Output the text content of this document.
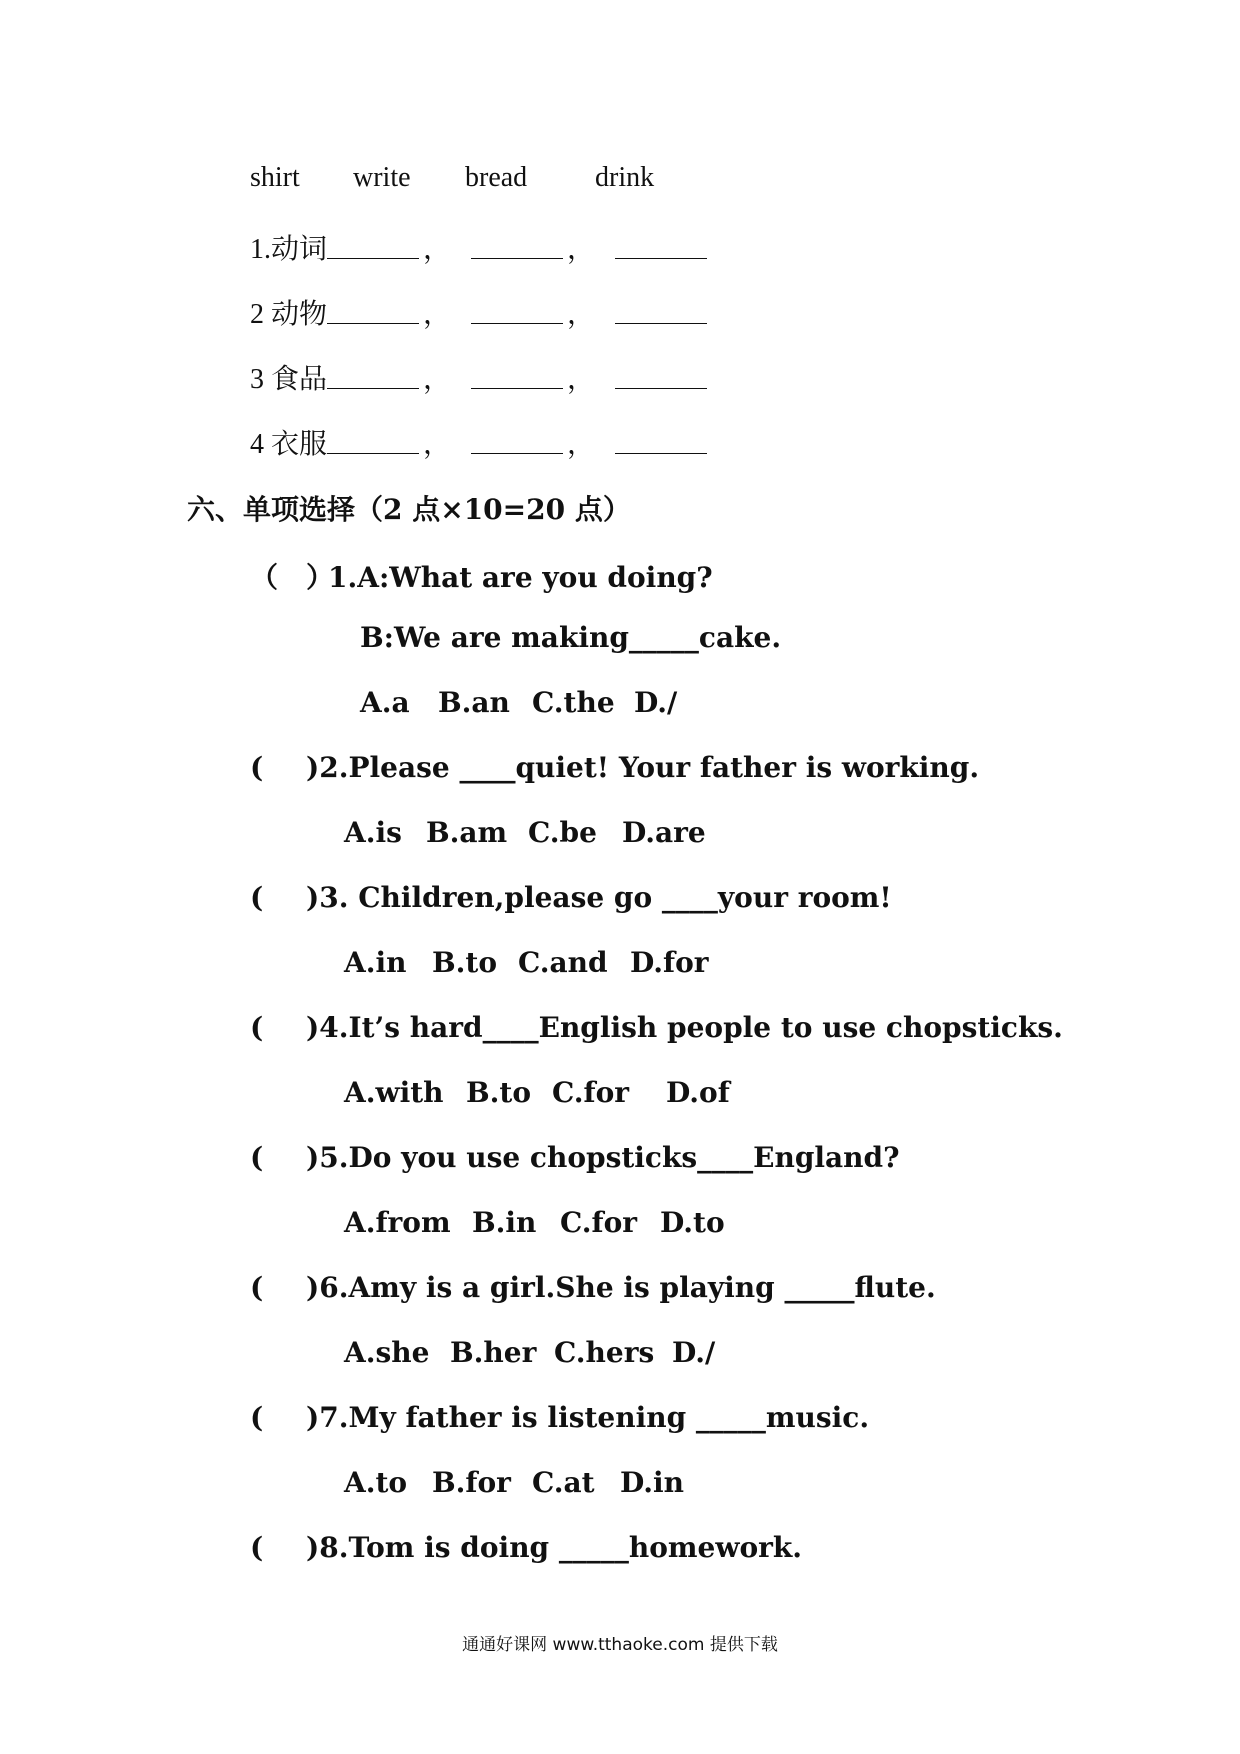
shirt write bread drink
1.动词	，	，
2 动物	，	，
3 食品	，	，
4 衣服	，	，
六、单项选择（2 点×10=20 点）
（　）1.A:What are you doing?
B:We are making_____cake.
A.a B.an C.the D./
( )2.Please ____quiet! Your father is working.
A.is B.am C.be D.are
( )3. Children,please go ____your room!
A.in B.to C.and D.for
( )4.It’s hard____English people to use chopsticks.
A.with B.to C.for D.of
( )5.Do you use chopsticks____England?
A.from B.in C.for D.to
( )6.Amy is a girl.She is playing _____flute.
A.she B.her C.hers D./
( )7.My father is listening _____music.
A.to B.for C.at D.in
( )8.Tom is doing _____homework.
通通好课网 www.tthaoke.com 提供下载
